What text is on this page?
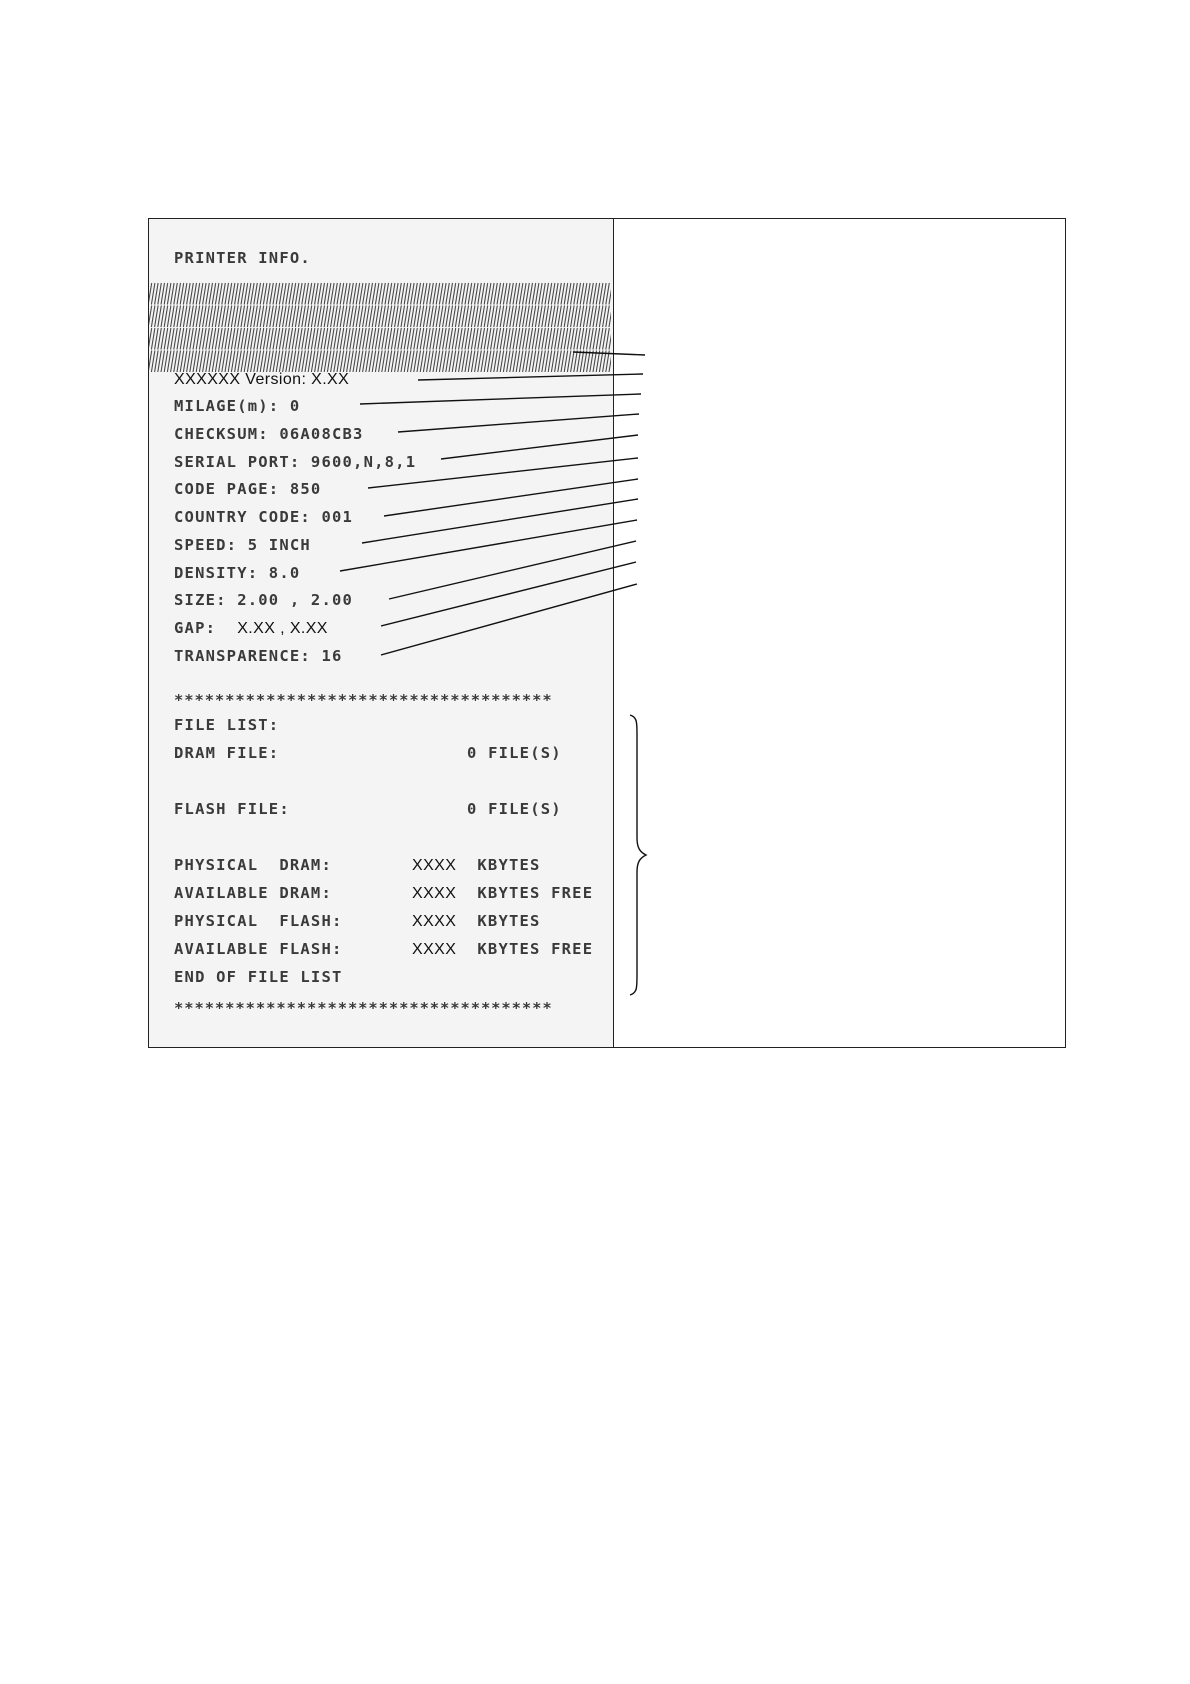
PRINTER INFO.
XXXXXX Version: X.XX
MILAGE(m): 0
CHECKSUM: 06A08CB3
SERIAL PORT: 9600,N,8,1
CODE PAGE: 850
COUNTRY CODE: 001
SPEED: 5 INCH
DENSITY: 8.0
SIZE: 2.00 , 2.00
GAP: X.XX , X.XX
TRANSPARENCE: 16
*************************************
FILE LIST:
DRAM FILE:	0 FILE(S)
FLASH FILE:	0 FILE(S)
PHYSICAL  DRAM:	XXXX KBYTES
AVAILABLE DRAM:	XXXX KBYTES FREE
PHYSICAL  FLASH:	XXXX KBYTES
AVAILABLE FLASH:	XXXX KBYTES FREE
END OF FILE LIST
*************************************
